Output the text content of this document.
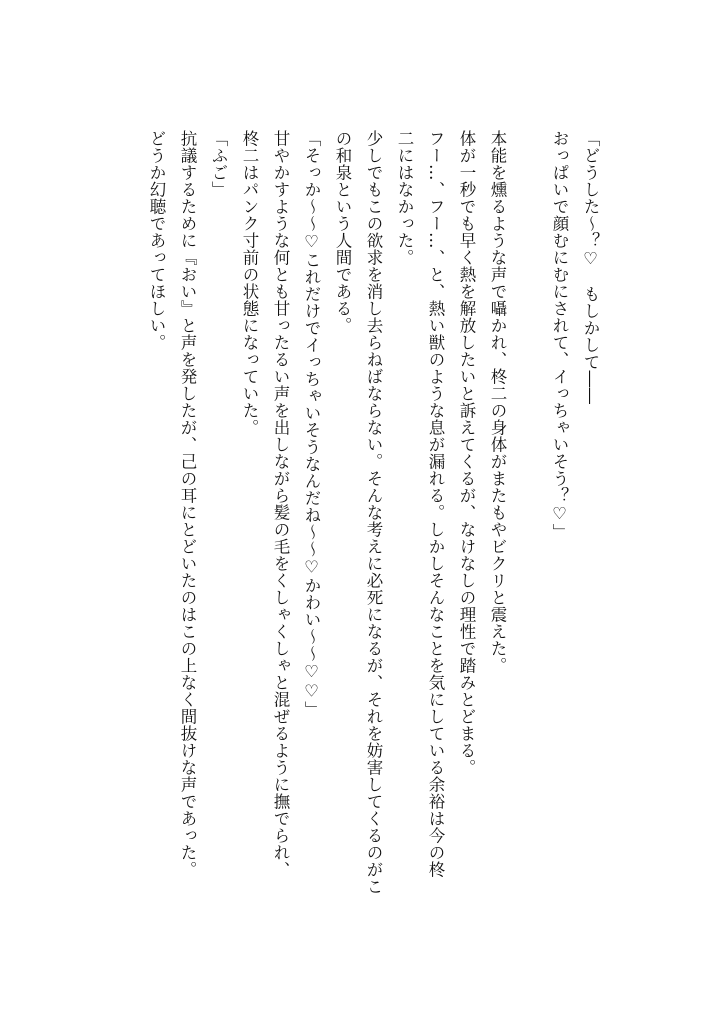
「どうした〜？♡　もしかして――
おっぱいで顔むにむにされて、イっちゃいそう？♡」
本能を燻るような声で囁かれ、柊二の身体がまたもやビクリと震えた。
体が一秒でも早く熱を解放したいと訴えてくるが、なけなしの理性で踏みとどまる。
フー…、フー…、と、熱い獣のような息が漏れる。しかしそんなことを気にしている余裕は今の柊
二にはなかった。
少しでもこの欲求を消し去らねばならない。そんな考えに必死になるが、それを妨害してくるのがこ
の和泉という人間である。
「そっか〜〜♡これだけでイっちゃいそうなんだね〜〜♡かわい〜〜♡♡」
甘やかすような何とも甘ったるい声を出しながら髪の毛をくしゃくしゃと混ぜるように撫でられ、
柊二はパンク寸前の状態になっていた。
「ふご」
抗議するために『おい』と声を発したが、己の耳にとどいたのはこの上なく間抜けな声であった。
どうか幻聴であってほしい。
